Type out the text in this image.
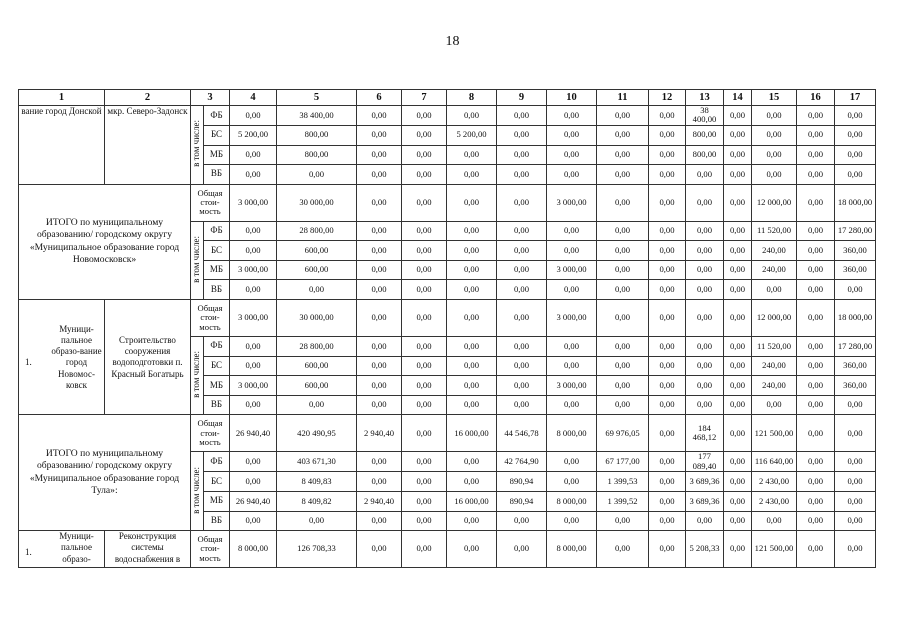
18
1	2	3		4	5	6	7	8	9	10	11	12	13	14	15	16	17
вание город Донской	мкр. Северо-Задонск	в том числе:	ФБ	0,00	38 400,00	0,00	0,00	0,00	0,00	0,00	0,00	0,00	38 400,00	0,00	0,00	0,00	0,00
			БС	5 200,00	800,00	0,00	0,00	5 200,00	0,00	0,00	0,00	0,00	800,00	0,00	0,00	0,00	0,00
			МБ	0,00	800,00	0,00	0,00	0,00	0,00	0,00	0,00	0,00	800,00	0,00	0,00	0,00	0,00
			ВБ	0,00	0,00	0,00	0,00	0,00	0,00	0,00	0,00	0,00	0,00	0,00	0,00	0,00	0,00
ИТОГО по муниципальному образованию/ городскому округу «Муниципальное образование город Новомосковск»		Общая стои-мость		3 000,00	30 000,00	0,00	0,00	0,00	0,00	3 000,00	0,00	0,00	0,00	0,00	12 000,00	0,00	18 000,00
		в том числе:	ФБ	0,00	28 800,00	0,00	0,00	0,00	0,00	0,00	0,00	0,00	0,00	0,00	11 520,00	0,00	17 280,00
			БС	0,00	600,00	0,00	0,00	0,00	0,00	0,00	0,00	0,00	0,00	0,00	240,00	0,00	360,00
			МБ	3 000,00	600,00	0,00	0,00	0,00	0,00	3 000,00	0,00	0,00	0,00	0,00	240,00	0,00	360,00
			ВБ	0,00	0,00	0,00	0,00	0,00	0,00	0,00	0,00	0,00	0,00	0,00	0,00	0,00	0,00

1.
Муници-пальное образо-вание город Новомос-ковск	Строительство сооружения водоподготовки п. Красный Богатырь	Общая стои-мость		3 000,00	30 000,00	0,00	0,00	0,00	0,00	3 000,00	0,00	0,00	0,00	0,00	12 000,00	0,00	18 000,00
		в том числе:	ФБ	0,00	28 800,00	0,00	0,00	0,00	0,00	0,00	0,00	0,00	0,00	0,00	11 520,00	0,00	17 280,00
			БС	0,00	600,00	0,00	0,00	0,00	0,00	0,00	0,00	0,00	0,00	0,00	240,00	0,00	360,00
			МБ	3 000,00	600,00	0,00	0,00	0,00	0,00	3 000,00	0,00	0,00	0,00	0,00	240,00	0,00	360,00
			ВБ	0,00	0,00	0,00	0,00	0,00	0,00	0,00	0,00	0,00	0,00	0,00	0,00	0,00	0,00
ИТОГО по муниципальному образованию/ городскому округу «Муниципальное образование город Тула»:		Общая стои-мость		26 940,40	420 490,95	2 940,40	0,00	16 000,00	44 546,78	8 000,00	69 976,05	0,00	184 468,12	0,00	121 500,00	0,00	0,00
		в том числе:	ФБ	0,00	403 671,30	0,00	0,00	0,00	42 764,90	0,00	67 177,00	0,00	177 089,40	0,00	116 640,00	0,00	0,00
			БС	0,00	8 409,83	0,00	0,00	0,00	890,94	0,00	1 399,53	0,00	3 689,36	0,00	2 430,00	0,00	0,00
			МБ	26 940,40	8 409,82	2 940,40	0,00	16 000,00	890,94	8 000,00	1 399,52	0,00	3 689,36	0,00	2 430,00	0,00	0,00
			ВБ	0,00	0,00	0,00	0,00	0,00	0,00	0,00	0,00	0,00	0,00	0,00	0,00	0,00	0,00

1.
Муници-пальное образо-	Реконструкция системы водоснабжения в	Общая стои-мость		8 000,00	126 708,33	0,00	0,00	0,00	0,00	8 000,00	0,00	0,00	5 208,33	0,00	121 500,00	0,00	0,00
